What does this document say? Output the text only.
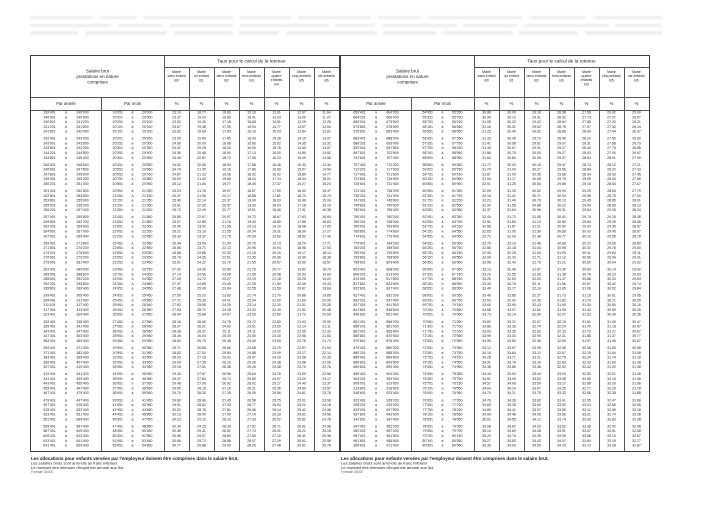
Salaire brut
prestations en nature
comprises
Taux pour le calcul de la retenue
Marié
sans enfant
B0
Marié
un enfant
B1
Marié
deux enfants
B2
Marié
trois enfants
B3
Marié
quatre
enfants
B4
Marié
cinq enfants
B5
Marié
six enfants
B6
Par année	Par mois	%	%	%	%	%	%	%
239'401 à 240'000	19'951 à 20'000	23.19	18.77	16.60	15.10	13.91	12.67	11.64
240'001 à 240'600	20'001 à 20'050	23.37	19.03	16.89	15.41	14.23	13.00	11.97
240'601 à 241'200	20'051 à 20'100	23.52	19.26	17.15	15.68	14.51	13.29	12.26
241'201 à 241'800	20'101 à 20'150	23.67	19.48	17.39	15.94	14.77	13.57	12.54
241'801 à 242'400	20'151 à 20'200	23.82	19.69	17.63	16.19	15.03	13.84	12.81
242'401 à 243'000	20'201 à 20'250	23.95	19.89	17.85	16.43	15.28	14.10	13.07
243'001 à 243'600	20'251 à 20'300	24.09	20.09	18.08	16.66	15.52	14.35	13.32
243'601 à 244'200	20'301 à 20'350	24.22	20.29	18.30	16.90	15.76	14.60	13.57
244'201 à 244'800	20'351 à 20'400	24.36	20.48	18.51	17.13	16.00	14.85	13.82
244'801 à 245'400	20'401 à 20'450	24.49	20.67	18.73	17.35	16.23	15.09	14.06
245'401 à 246'600	20'451 à 20'550	24.62	20.86	18.94	17.58	16.46	15.33	14.30
246'601 à 247'800	20'551 à 20'650	24.74	21.05	19.15	17.80	16.69	15.57	14.54
247'801 à 249'000	20'651 à 20'750	24.87	21.23	19.36	18.02	16.92	15.80	14.77
249'001 à 250'200	20'751 à 20'850	25.00	21.42	19.56	18.24	17.14	16.04	15.01
250'201 à 251'400	20'851 à 20'950	25.12	21.60	19.77	18.45	17.37	16.27	15.24
251'401 à 252'600	20'951 à 21'050	25.24	21.78	19.97	18.67	17.59	16.50	15.47
252'601 à 253'800	21'051 à 21'150	25.37	21.96	20.17	18.88	17.81	16.73	15.70
253'801 à 255'000	21'151 à 21'250	25.49	22.14	20.37	19.09	18.03	16.96	15.93
255'001 à 256'200	21'251 à 21'350	25.61	22.32	20.57	19.30	18.24	17.18	16.15
256'201 à 257'400	21'351 à 21'450	25.73	22.49	20.77	19.51	18.46	17.41	16.38
257'401 à 259'800	21'451 à 21'650	25.85	22.67	20.97	19.72	18.67	17.63	16.60
259'801 à 262'200	21'651 à 21'850	25.97	22.85	21.16	19.93	18.89	17.86	16.83
262'201 à 264'600	21'851 à 22'050	26.09	23.02	21.36	20.13	19.10	18.08	17.05
264'601 à 267'000	22'051 à 22'250	26.21	23.19	21.55	20.34	19.31	18.30	17.27
267'001 à 269'400	22'251 à 22'450	26.33	23.37	21.75	20.54	19.52	18.52	17.49
269'401 à 271'800	22'451 à 22'650	26.44	23.54	21.94	20.75	19.73	18.74	17.71
271'801 à 274'200	22'651 à 22'850	26.56	23.71	22.13	20.95	19.94	18.96	17.93
274'201 à 276'600	22'851 à 23'050	26.68	23.88	22.32	21.15	20.15	19.17	18.14
276'601 à 279'000	23'051 à 23'250	26.79	24.05	22.51	21.35	20.36	19.39	18.36
279'001 à 281'400	23'251 à 23'450	26.91	24.22	22.70	21.55	20.57	19.60	18.57
281'401 à 285'000	23'451 à 23'750	27.02	24.39	22.89	21.75	20.77	19.82	18.79
285'001 à 288'600	23'751 à 24'050	27.14	24.56	23.08	21.95	20.98	20.03	19.00
288'601 à 292'200	24'051 à 24'350	27.25	24.72	23.27	22.15	21.18	20.25	19.22
292'201 à 295'800	24'351 à 24'650	27.37	24.89	23.45	22.35	21.39	20.46	19.43
295'801 à 299'400	24'651 à 24'950	27.48	25.06	23.64	22.55	21.59	20.67	19.64
299'401 à 305'400	24'951 à 25'450	27.59	25.22	23.83	22.74	21.79	20.88	19.85
305'401 à 311'400	25'451 à 25'950	27.71	25.39	24.01	22.94	22.00	21.09	20.06
311'401 à 317'400	25'951 à 26'450	27.82	25.55	24.20	23.14	22.20	21.31	20.28
317'401 à 323'400	26'451 à 26'950	27.93	25.72	24.38	23.33	22.40	21.51	20.48
323'401 à 329'400	26'951 à 27'450	28.04	25.88	24.57	23.53	22.60	21.72	20.69
329'401 à 335'400	27'451 à 27'950	28.16	26.05	24.75	23.72	22.80	21.93	20.90
335'401 à 341'400	27'951 à 28'450	28.27	26.21	24.93	23.91	23.00	22.14	21.11
341'401 à 347'400	28'451 à 28'950	28.38	26.37	25.11	24.11	23.20	22.35	21.32
347'401 à 353'400	28'951 à 29'450	28.49	26.54	25.30	24.30	23.40	22.56	21.53
353'401 à 359'400	29'451 à 29'950	28.60	26.70	25.48	24.49	23.60	22.76	21.73
359'401 à 371'400	29'951 à 30'950	28.71	26.86	25.66	24.68	23.79	22.97	21.94
371'401 à 383'400	30'951 à 31'950	28.82	27.02	25.84	24.88	23.99	23.17	22.14
383'401 à 395'400	31'951 à 32'950	28.93	27.18	26.02	25.07	24.19	23.38	22.35
395'401 à 407'400	32'951 à 33'950	29.04	27.35	26.20	25.26	24.38	23.58	22.55
407'401 à 419'400	33'951 à 34'950	29.15	27.51	26.38	25.45	24.58	23.79	22.76
419'401 à 431'400	34'951 à 35'950	29.26	27.67	26.56	25.64	24.78	23.99	22.96
431'401 à 443'400	35'951 à 36'950	29.37	27.83	26.74	25.83	24.97	24.20	23.17
443'401 à 455'400	36'951 à 37'950	29.48	27.99	26.92	26.02	25.17	24.40	23.37
455'401 à 467'400	37'951 à 38'950	29.59	28.15	27.10	26.21	25.36	24.60	23.57
467'401 à 479'400	38'951 à 39'950	29.70	28.30	27.28	26.39	25.56	24.81	23.78
479'401 à 497'400	39'951 à 41'450	29.80	28.46	27.45	26.58	25.75	25.01	23.98
497'401 à 515'400	41'451 à 42'950	29.91	28.62	27.63	26.77	25.94	25.21	24.18
515'401 à 533'400	42'951 à 44'450	30.02	28.78	27.81	26.96	26.14	25.41	24.38
533'401 à 551'400	44'451 à 45'950	30.13	28.94	27.99	27.14	26.33	25.61	24.58
551'401 à 569'400	45'951 à 47'450	30.23	29.10	28.16	27.33	26.52	25.81	24.78
569'401 à 587'400	47'451 à 48'950	30.34	29.25	28.34	27.52	26.71	26.01	24.98
587'401 à 605'400	48'951 à 50'450	30.45	29.41	28.51	27.70	26.91	26.21	25.18
605'401 à 623'400	50'451 à 51'950	30.56	29.57	28.69	27.89	27.10	26.41	25.38
623'401 à 641'400	51'951 à 53'450	30.66	29.72	28.86	28.07	27.29	26.61	25.58
641'401 à 659'400	53'451 à 54'950	30.77	29.88	29.04	28.26	27.48	26.81	25.78
Salaire brut
prestations en nature
comprises
Taux pour le calcul de la retenue
Marié
sans enfant
B0
Marié
un enfant
B1
Marié
deux enfants
B2
Marié
trois enfants
B3
Marié
quatre
enfants
B4
Marié
cinq enfants
B5
Marié
six enfants
B6
Par année	Par mois	%	%	%	%	%	%	%
659'401 à 664'200	54'951 à 55'350	30.88	30.00	29.18	28.38	27.58	26.92	25.90
664'201 à 669'000	55'351 à 55'750	30.99	30.12	29.31	28.52	27.73	27.07	26.07
669'001 à 673'800	55'751 à 56'150	31.08	30.22	29.42	28.64	27.85	27.20	26.21
673'801 à 678'600	56'151 à 56'550	31.16	30.31	29.52	28.75	27.97	27.32	26.34
678'601 à 683'400	56'551 à 56'950	31.25	30.40	29.62	28.86	28.09	27.44	26.47
683'401 à 688'200	56'951 à 57'350	31.33	30.49	29.72	28.96	28.20	27.56	26.60
688'201 à 693'000	57'351 à 57'750	31.41	30.58	29.81	29.07	28.31	27.68	26.73
693'001 à 697'800	57'751 à 58'150	31.49	30.67	29.91	29.17	28.42	27.79	26.85
697'801 à 702'600	58'151 à 58'550	31.56	30.75	30.00	29.27	28.53	27.90	26.97
702'601 à 707'400	58'551 à 58'950	31.64	30.84	30.09	29.37	28.63	28.01	27.09
707'401 à 712'200	58'951 à 59'350	31.72	30.92	30.18	29.47	28.74	28.12	27.21
712'201 à 717'000	59'351 à 59'750	31.79	31.00	30.27	29.56	28.84	28.22	27.33
717'001 à 721'800	59'751 à 60'150	31.87	31.09	30.36	29.66	28.94	28.33	27.45
721'801 à 726'600	60'151 à 60'550	31.94	31.17	30.45	29.75	29.05	28.44	27.56
726'601 à 731'400	60'551 à 60'950	32.01	31.25	30.53	29.85	29.15	28.54	27.67
731'401 à 736'200	60'951 à 61'350	32.09	31.33	30.62	29.94	29.25	28.64	27.79
736'201 à 741'000	61'351 à 61'750	32.16	31.41	30.71	30.04	29.35	28.75	27.90
741'001 à 745'800	61'751 à 62'150	32.23	31.49	30.79	30.13	29.45	28.85	28.01
745'801 à 750'600	62'151 à 62'550	32.30	31.56	30.88	30.22	29.54	28.95	28.13
750'601 à 755'400	62'551 à 62'950	32.37	31.64	30.96	30.31	29.64	29.05	28.24
755'401 à 760'200	62'951 à 63'350	32.44	31.72	31.05	30.41	29.74	29.15	28.35
760'201 à 765'000	63'351 à 63'750	32.51	31.80	31.13	30.50	29.84	29.25	28.46
765'001 à 769'800	63'751 à 64'150	32.58	31.87	31.21	30.59	29.93	29.35	28.57
769'801 à 774'600	64'151 à 64'550	32.65	31.95	31.30	30.68	30.03	29.45	28.67
774'601 à 779'400	64'551 à 64'950	32.72	32.03	31.38	30.77	30.12	29.55	28.78
779'401 à 784'200	64'951 à 65'350	32.79	32.10	31.46	30.86	30.22	29.65	28.89
784'201 à 789'000	65'351 à 65'750	32.86	32.18	31.54	30.95	30.31	29.75	29.00
789'001 à 793'800	65'751 à 66'150	32.93	32.25	31.63	31.03	30.41	29.84	29.11
793'801 à 798'600	66'151 à 66'550	32.99	32.33	31.71	31.12	30.50	29.94	29.21
798'601 à 803'400	66'551 à 66'950	33.06	32.40	31.79	31.21	30.60	30.04	29.32
803'401 à 808'200	66'951 à 67'350	33.13	32.48	31.87	31.30	30.69	30.14	29.42
808'201 à 813'000	67'351 à 67'750	33.20	32.55	31.95	31.38	30.78	30.23	29.53
813'001 à 817'800	67'751 à 68'150	33.26	32.63	32.03	31.47	30.88	30.33	29.64
817'801 à 822'600	68'151 à 68'550	33.33	32.70	32.11	31.56	30.97	30.42	29.74
822'601 à 827'400	68'551 à 68'950	33.40	32.77	32.19	31.65	31.06	30.52	29.84
827'401 à 832'200	68'951 à 69'350	33.46	32.85	32.27	31.73	31.15	30.61	29.95
832'201 à 837'000	69'351 à 69'750	33.53	32.92	32.35	31.82	31.24	30.71	30.05
837'001 à 841'800	69'751 à 70'150	33.60	32.99	32.43	31.90	31.34	30.80	30.16
841'801 à 846'600	70'151 à 70'550	33.66	33.07	32.51	31.99	31.43	30.90	30.26
846'601 à 851'400	70'551 à 70'950	33.73	33.14	32.59	32.07	31.52	30.99	30.36
851'401 à 856'200	70'951 à 71'350	33.80	33.21	32.67	32.16	31.61	31.09	30.47
856'201 à 861'000	71'351 à 71'750	33.86	33.28	32.74	32.24	31.70	31.18	30.57
861'001 à 865'800	71'751 à 72'150	33.93	33.35	32.82	32.33	31.79	31.27	30.67
865'801 à 870'600	72'151 à 72'550	33.99	33.43	32.90	32.41	31.88	31.37	30.77
870'601 à 875'400	72'551 à 72'950	34.06	33.50	32.98	32.50	31.97	31.46	30.87
875'401 à 880'200	72'951 à 73'350	34.12	33.57	33.05	32.58	32.06	31.55	30.98
880'201 à 885'000	73'351 à 73'750	34.19	33.64	33.13	32.67	32.15	31.64	31.08
885'001 à 889'800	73'751 à 74'150	34.25	33.71	33.21	32.75	32.24	31.74	31.18
889'801 à 894'600	74'151 à 74'550	34.31	33.78	33.29	32.83	32.33	31.83	31.28
894'601 à 899'400	74'551 à 74'950	34.38	33.85	33.36	32.92	32.42	31.92	31.38
899'401 à 904'200	74'951 à 75'350	34.44	33.92	33.44	33.00	32.50	32.01	31.48
904'201 à 909'000	75'351 à 75'750	34.51	33.99	33.52	33.08	32.59	32.10	31.58
909'001 à 913'800	75'751 à 76'150	34.57	34.06	33.59	33.17	32.68	32.20	31.68
913'801 à 918'600	76'151 à 76'550	34.64	34.14	33.67	33.25	32.77	32.29	31.78
918'601 à 923'400	76'551 à 76'950	34.70	34.21	33.75	33.33	32.86	32.38	31.88
923'401 à 928'200	76'951 à 77'350	34.76	34.28	33.82	33.41	32.95	32.47	31.98
928'201 à 933'000	77'351 à 77'750	34.83	34.35	33.90	33.50	33.03	32.56	32.08
933'001 à 937'800	77'751 à 78'150	34.89	34.41	33.97	33.58	33.12	32.65	32.18
937'801 à 942'600	78'151 à 78'550	34.95	34.48	34.05	33.66	33.21	32.74	32.28
942'601 à 947'400	78'551 à 78'950	35.02	34.55	34.12	33.74	33.30	32.83	32.38
947'401 à 952'200	78'951 à 79'350	35.08	34.62	34.20	33.82	33.38	32.92	32.48
952'201 à 957'000	79'351 à 79'750	35.14	34.69	34.28	33.91	33.47	33.01	32.58
957'001 à 961'800	79'751 à 80'150	35.20	34.76	34.35	33.99	33.56	33.10	32.67
961'801 à 966'600	80'151 à 80'550	35.27	34.83	34.43	34.07	33.64	33.19	32.77
966'601 à 971'400	80'551 à 80'950	35.33	34.90	34.50	34.15	33.73	33.28	32.87
Les allocations pour enfants versées par l'employeur doivent être comprises dans le salaire brut.
Les salaires bruts sont arrondis au franc inférieur
Le montant des retenues d'impôt est arrondi aux 5ct.
Formule 21000
Les allocations pour enfants versées par l'employeur doivent être comprises dans le salaire brut.
Les salaires bruts sont arrondis au franc inférieur
Le montant des retenues d'impôt est arrondi aux 5ct.
Formule 21000
